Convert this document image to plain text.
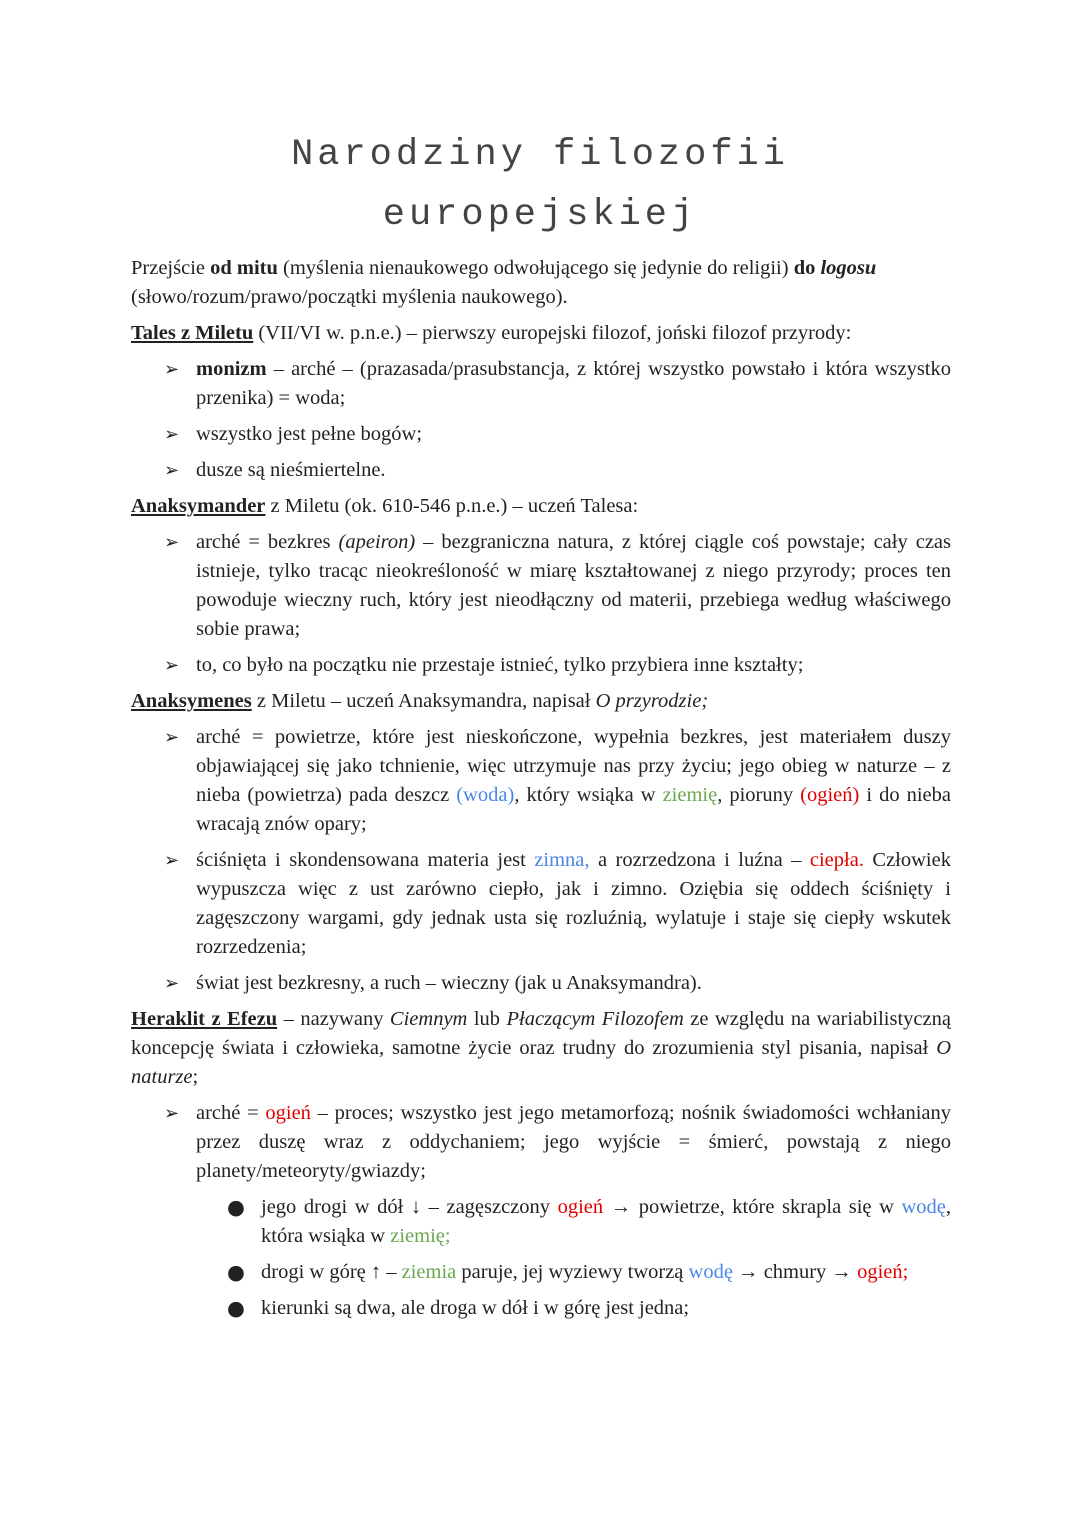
Narodziny filozofii
europejskiej

Przejście od mitu (myślenia nienaukowego odwołującego się jedynie do religii) do logosu
(słowo/rozum/prawo/początki myślenia naukowego).

Tales z Miletu (VII/VI w. p.n.e.) – pierwszy europejski filozof, joński filozof przyrody:

➢ monizm – arché – (prazasada/prasubstancja, z której wszystko powstało i która wszystko przenika) = woda;
➢ wszystko jest pełne bogów;
➢ dusze są nieśmiertelne.

Anaksymander z Miletu (ok. 610-546 p.n.e.) – uczeń Talesa:

➢ arché = bezkres (apeiron) – bezgraniczna natura, z której ciągle coś powstaje; cały czas istnieje, tylko tracąc nieokreśloność w miarę kształtowanej z niego przyrody; proces ten powoduje wieczny ruch, który jest nieodłączny od materii, przebiega według właściwego sobie prawa;
➢ to, co było na początku nie przestaje istnieć, tylko przybiera inne kształty;

Anaksymenes z Miletu – uczeń Anaksymandra, napisał O przyrodzie;

➢ arché = powietrze, które jest nieskończone, wypełnia bezkres, jest materiałem duszy objawiającej się jako tchnienie, więc utrzymuje nas przy życiu; jego obieg w naturze – z nieba (powietrza) pada deszcz (woda), który wsiąka w ziemię, pioruny (ogień) i do nieba wracają znów opary;
➢ ściśnięta i skondensowana materia jest zimna, a rozrzedzona i luźna – ciepła. Człowiek wypuszcza więc z ust zarówno ciepło, jak i zimno. Oziębia się oddech ściśnięty i zagęszczony wargami, gdy jednak usta się rozluźnią, wylatuje i staje się ciepły wskutek rozrzedzenia;
➢ świat jest bezkresny, a ruch – wieczny (jak u Anaksymandra).

Heraklit z Efezu – nazywany Ciemnym lub Płaczącym Filozofem ze względu na wariabilistyczną koncepcję świata i człowieka, samotne życie oraz trudny do zrozumienia styl pisania, napisał O naturze;

➢ arché = ogień – proces; wszystko jest jego metamorfozą; nośnik świadomości wchłaniany przez duszę wraz z oddychaniem; jego wyjście = śmierć, powstają z niego planety/meteoryty/gwiazdy;
● jego drogi w dół ↓ – zagęszczony ogień → powietrze, które skrapla się w wodę, która wsiąka w ziemię;
● drogi w górę ↑ – ziemia paruje, jej wyziewy tworzą wodę → chmury → ogień;
● kierunki są dwa, ale droga w dół i w górę jest jedna;
